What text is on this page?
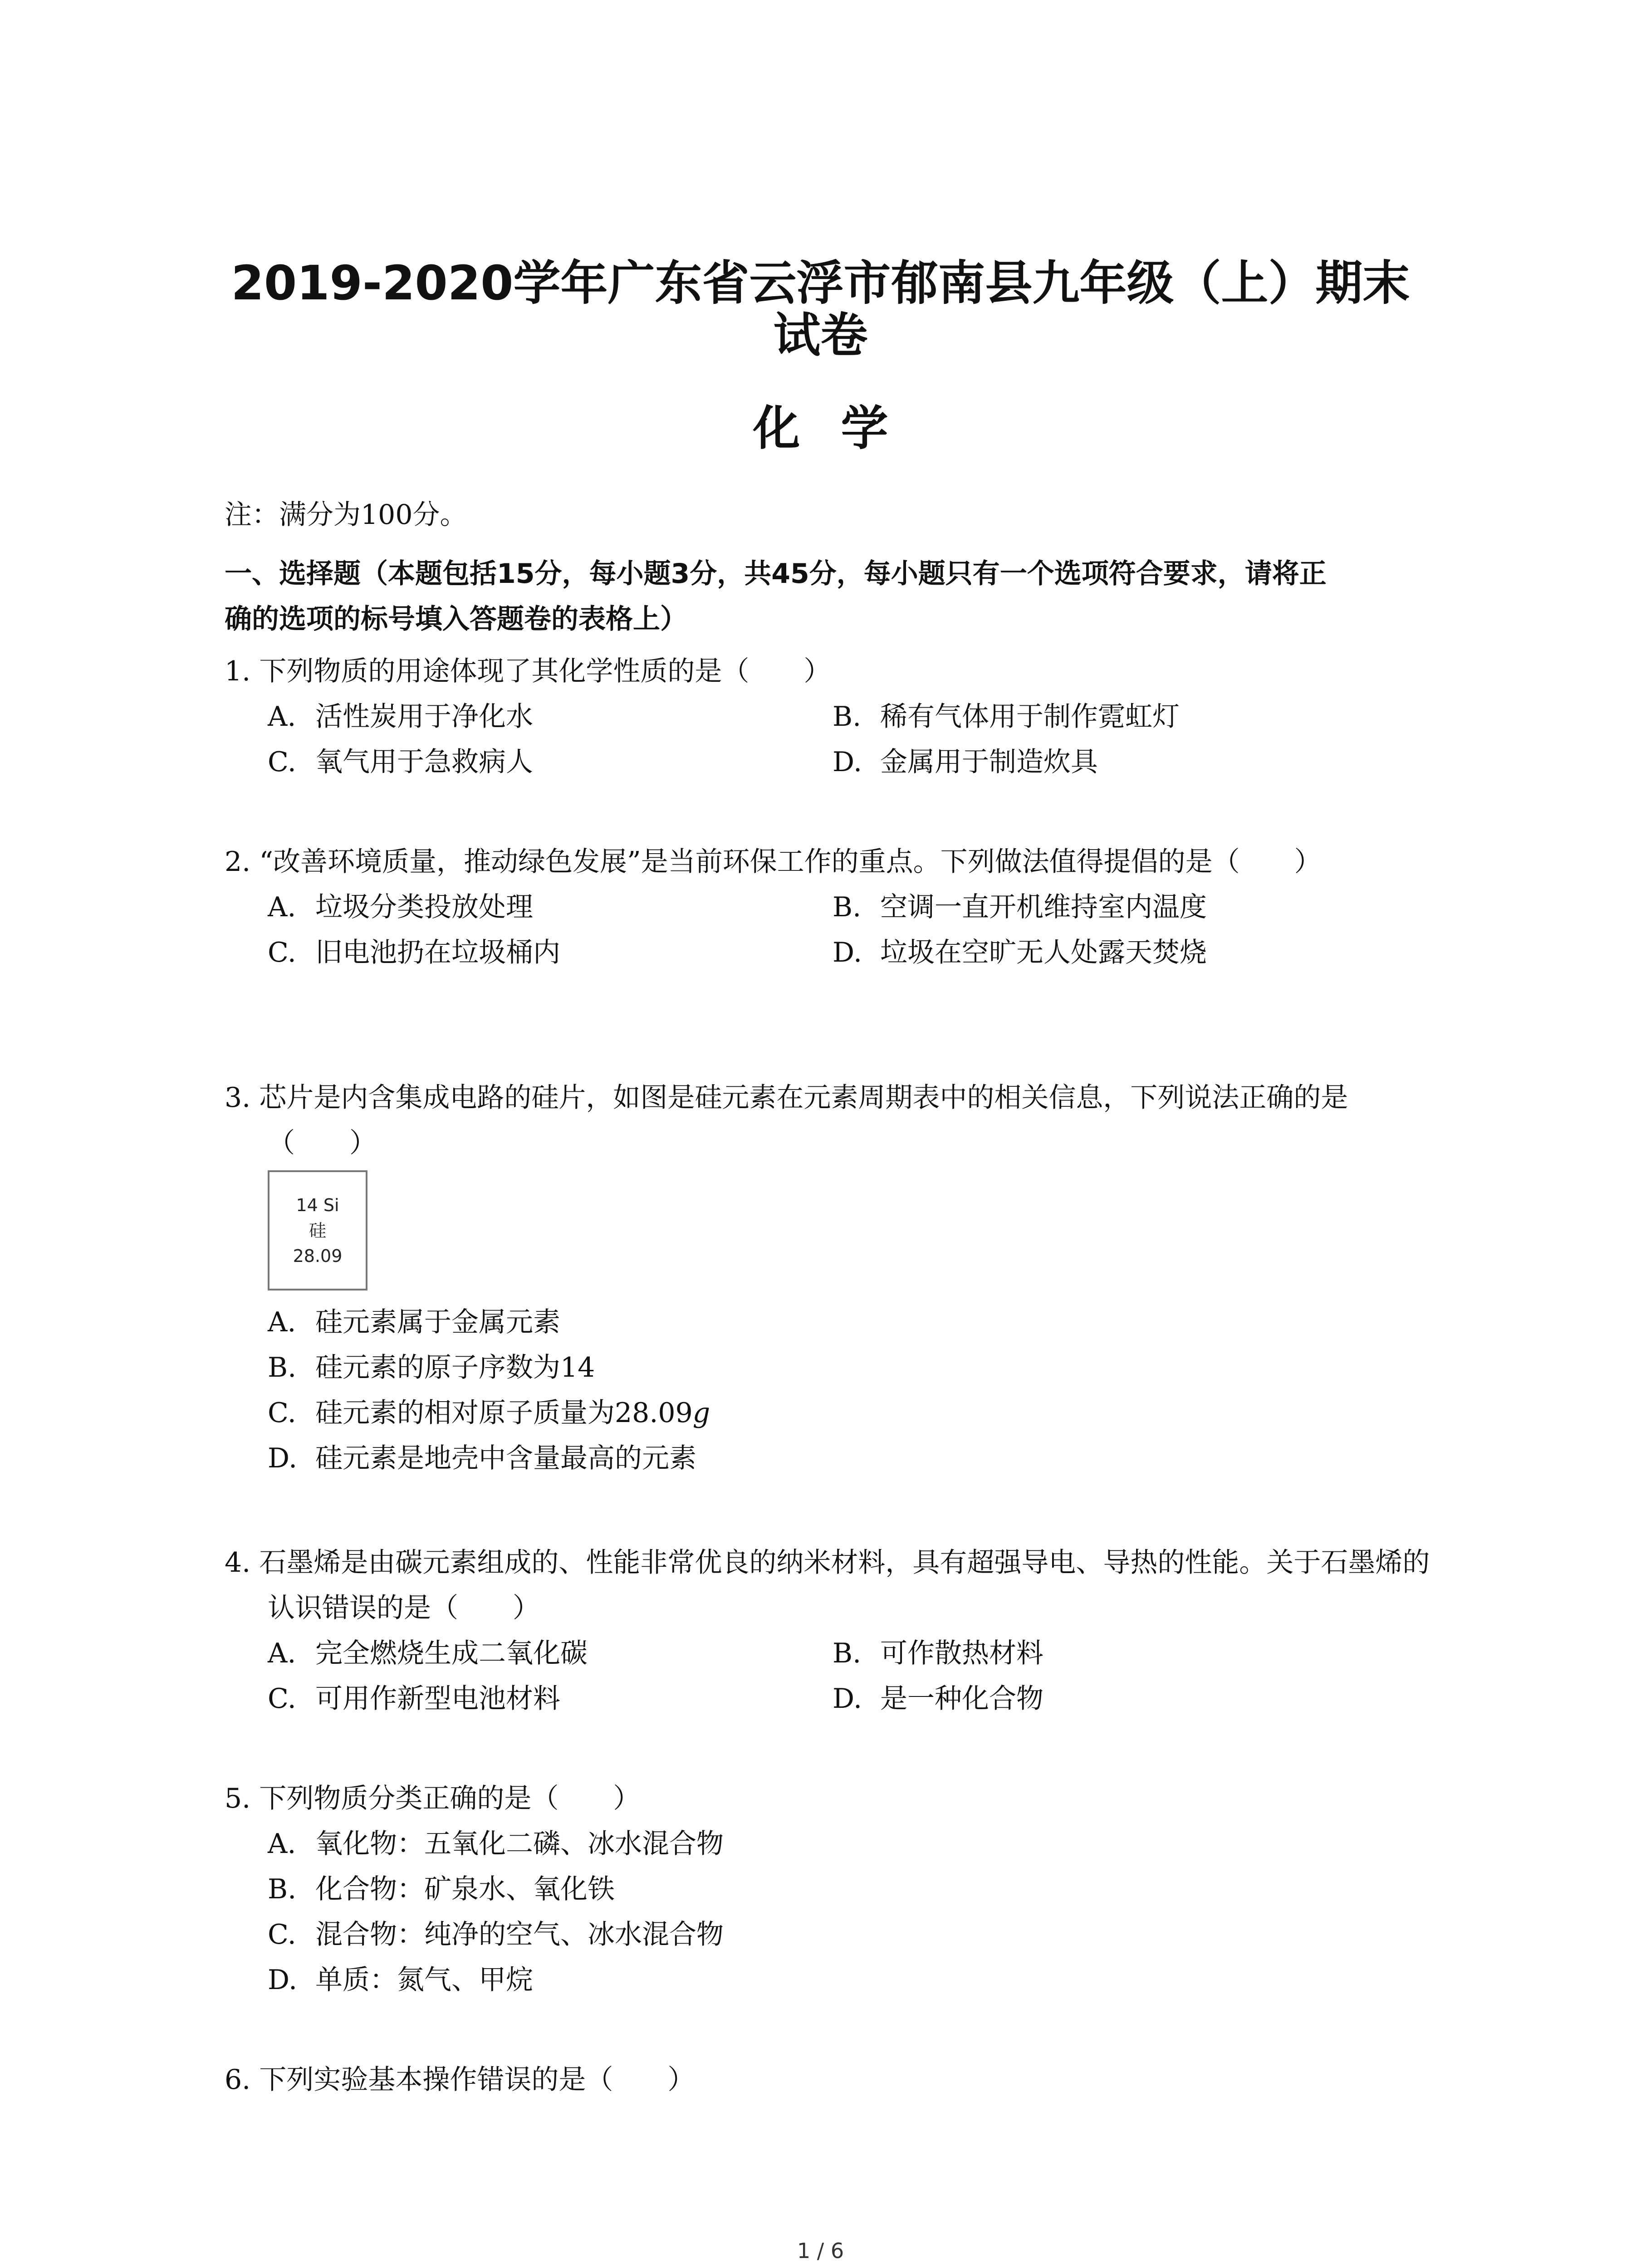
2019-2020学年广东省云浮市郁南县九年级（上）期末
试卷
化学
注：满分为100分。
一、选择题（本题包括15分，每小题3分，共45分，每小题只有一个选项符合要求，请将正
确的选项的标号填入答题卷的表格上）
1. 下列物质的用途体现了其化学性质的是（　　）
A. 活性炭用于净化水	B. 稀有气体用于制作霓虹灯
C. 氧气用于急救病人	D. 金属用于制造炊具
2. “改善环境质量，推动绿色发展”是当前环保工作的重点。下列做法值得提倡的是（　　）
A. 垃圾分类投放处理	B. 空调一直开机维持室内温度
C. 旧电池扔在垃圾桶内	D. 垃圾在空旷无人处露天焚烧
3. 芯片是内含集成电路的硅片，如图是硅元素在元素周期表中的相关信息，下列说法正确的是（　　）
14 Si
硅
28.09
A. 硅元素属于金属元素
B. 硅元素的原子序数为14
C. 硅元素的相对原子质量为28.09g
D. 硅元素是地壳中含量最高的元素
4. 石墨烯是由碳元素组成的、性能非常优良的纳米材料，具有超强导电、导热的性能。关于石墨烯的认识错误的是（　　）
A. 完全燃烧生成二氧化碳	B. 可作散热材料
C. 可用作新型电池材料	D. 是一种化合物
5. 下列物质分类正确的是（　　）
A. 氧化物：五氧化二磷、冰水混合物
B. 化合物：矿泉水、氧化铁
C. 混合物：纯净的空气、冰水混合物
D. 单质：氮气、甲烷
6. 下列实验基本操作错误的是（　　）
1 / 6
